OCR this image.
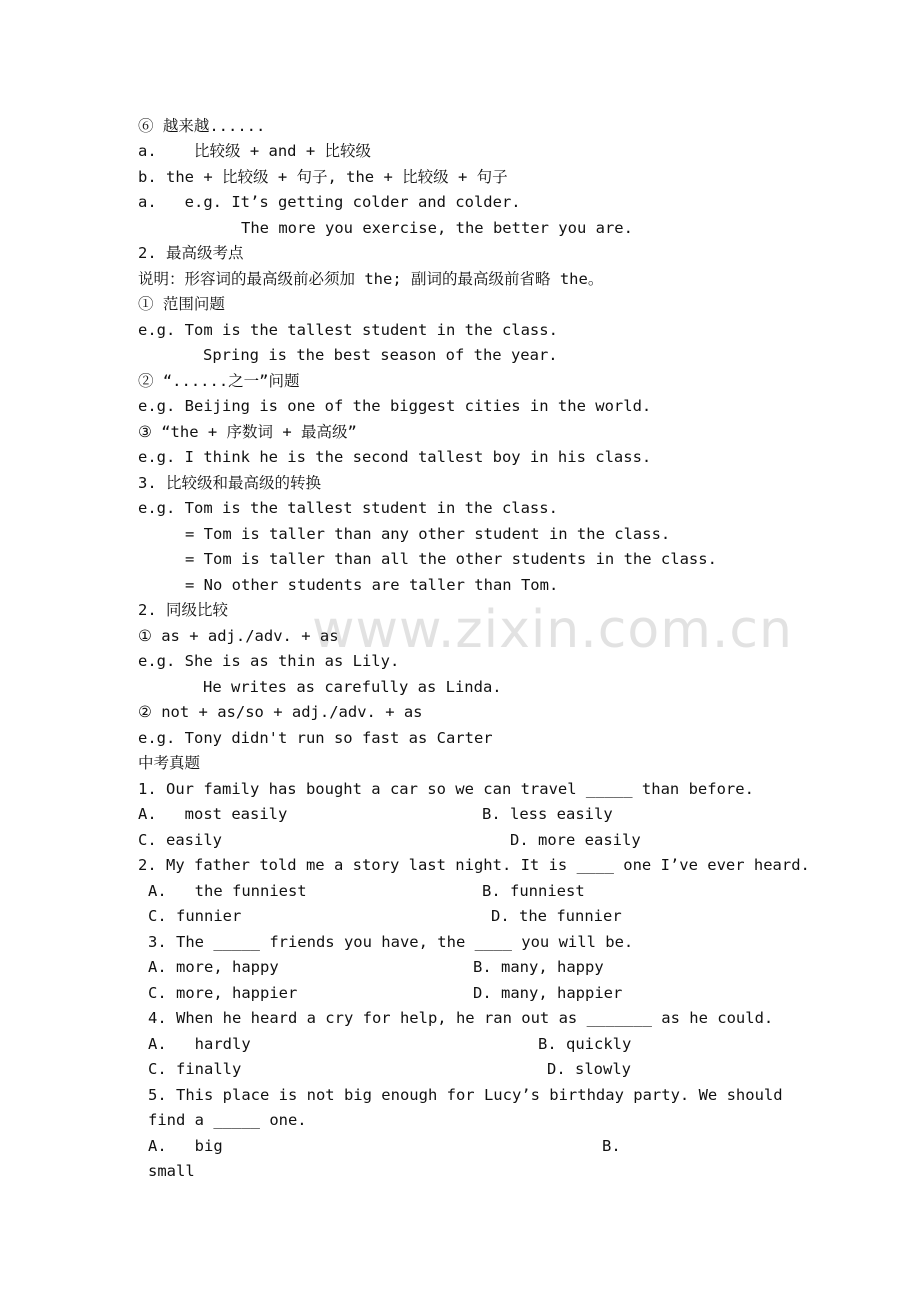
www.zixin.com.cn
⑥ 越来越......
a.    比较级 + and + 比较级
b. the + 比较级 + 句子, the + 比较级 + 句子
a.   e.g. It’s getting colder and colder.
The more you exercise, the better you are.
2. 最高级考点
说明：形容词的最高级前必须加 the; 副词的最高级前省略 the。
① 范围问题
e.g. Tom is the tallest student in the class.
Spring is the best season of the year.
② “......之一”问题
e.g. Beijing is one of the biggest cities in the world.
③ “the + 序数词 + 最高级”
e.g. I think he is the second tallest boy in his class.
3. 比较级和最高级的转换
e.g. Tom is the tallest student in the class.
= Tom is taller than any other student in the class.
= Tom is taller than all the other students in the class.
= No other students are taller than Tom.
2. 同级比较
① as + adj./adv. + as
e.g. She is as thin as Lily.
He writes as carefully as Linda.
② not + as/so + adj./adv. + as
e.g. Tony didn't run so fast as Carter
中考真题
1. Our family has bought a car so we can travel _____ than before.
A.   most easily	B. less easily
C. easily	D. more easily
2. My father told me a story last night. It is ____ one I’ve ever heard.
A.   the funniest	B. funniest
C. funnier	D. the funnier
3. The _____ friends you have, the ____ you will be.
A. more, happy	B. many, happy
C. more, happier	D. many, happier
4. When he heard a cry for help, he ran out as _______ as he could.
A.   hardly	B. quickly
C. finally	D. slowly
5. This place is not big enough for Lucy’s birthday party. We should
find a _____ one.
A.   big	B.
small
